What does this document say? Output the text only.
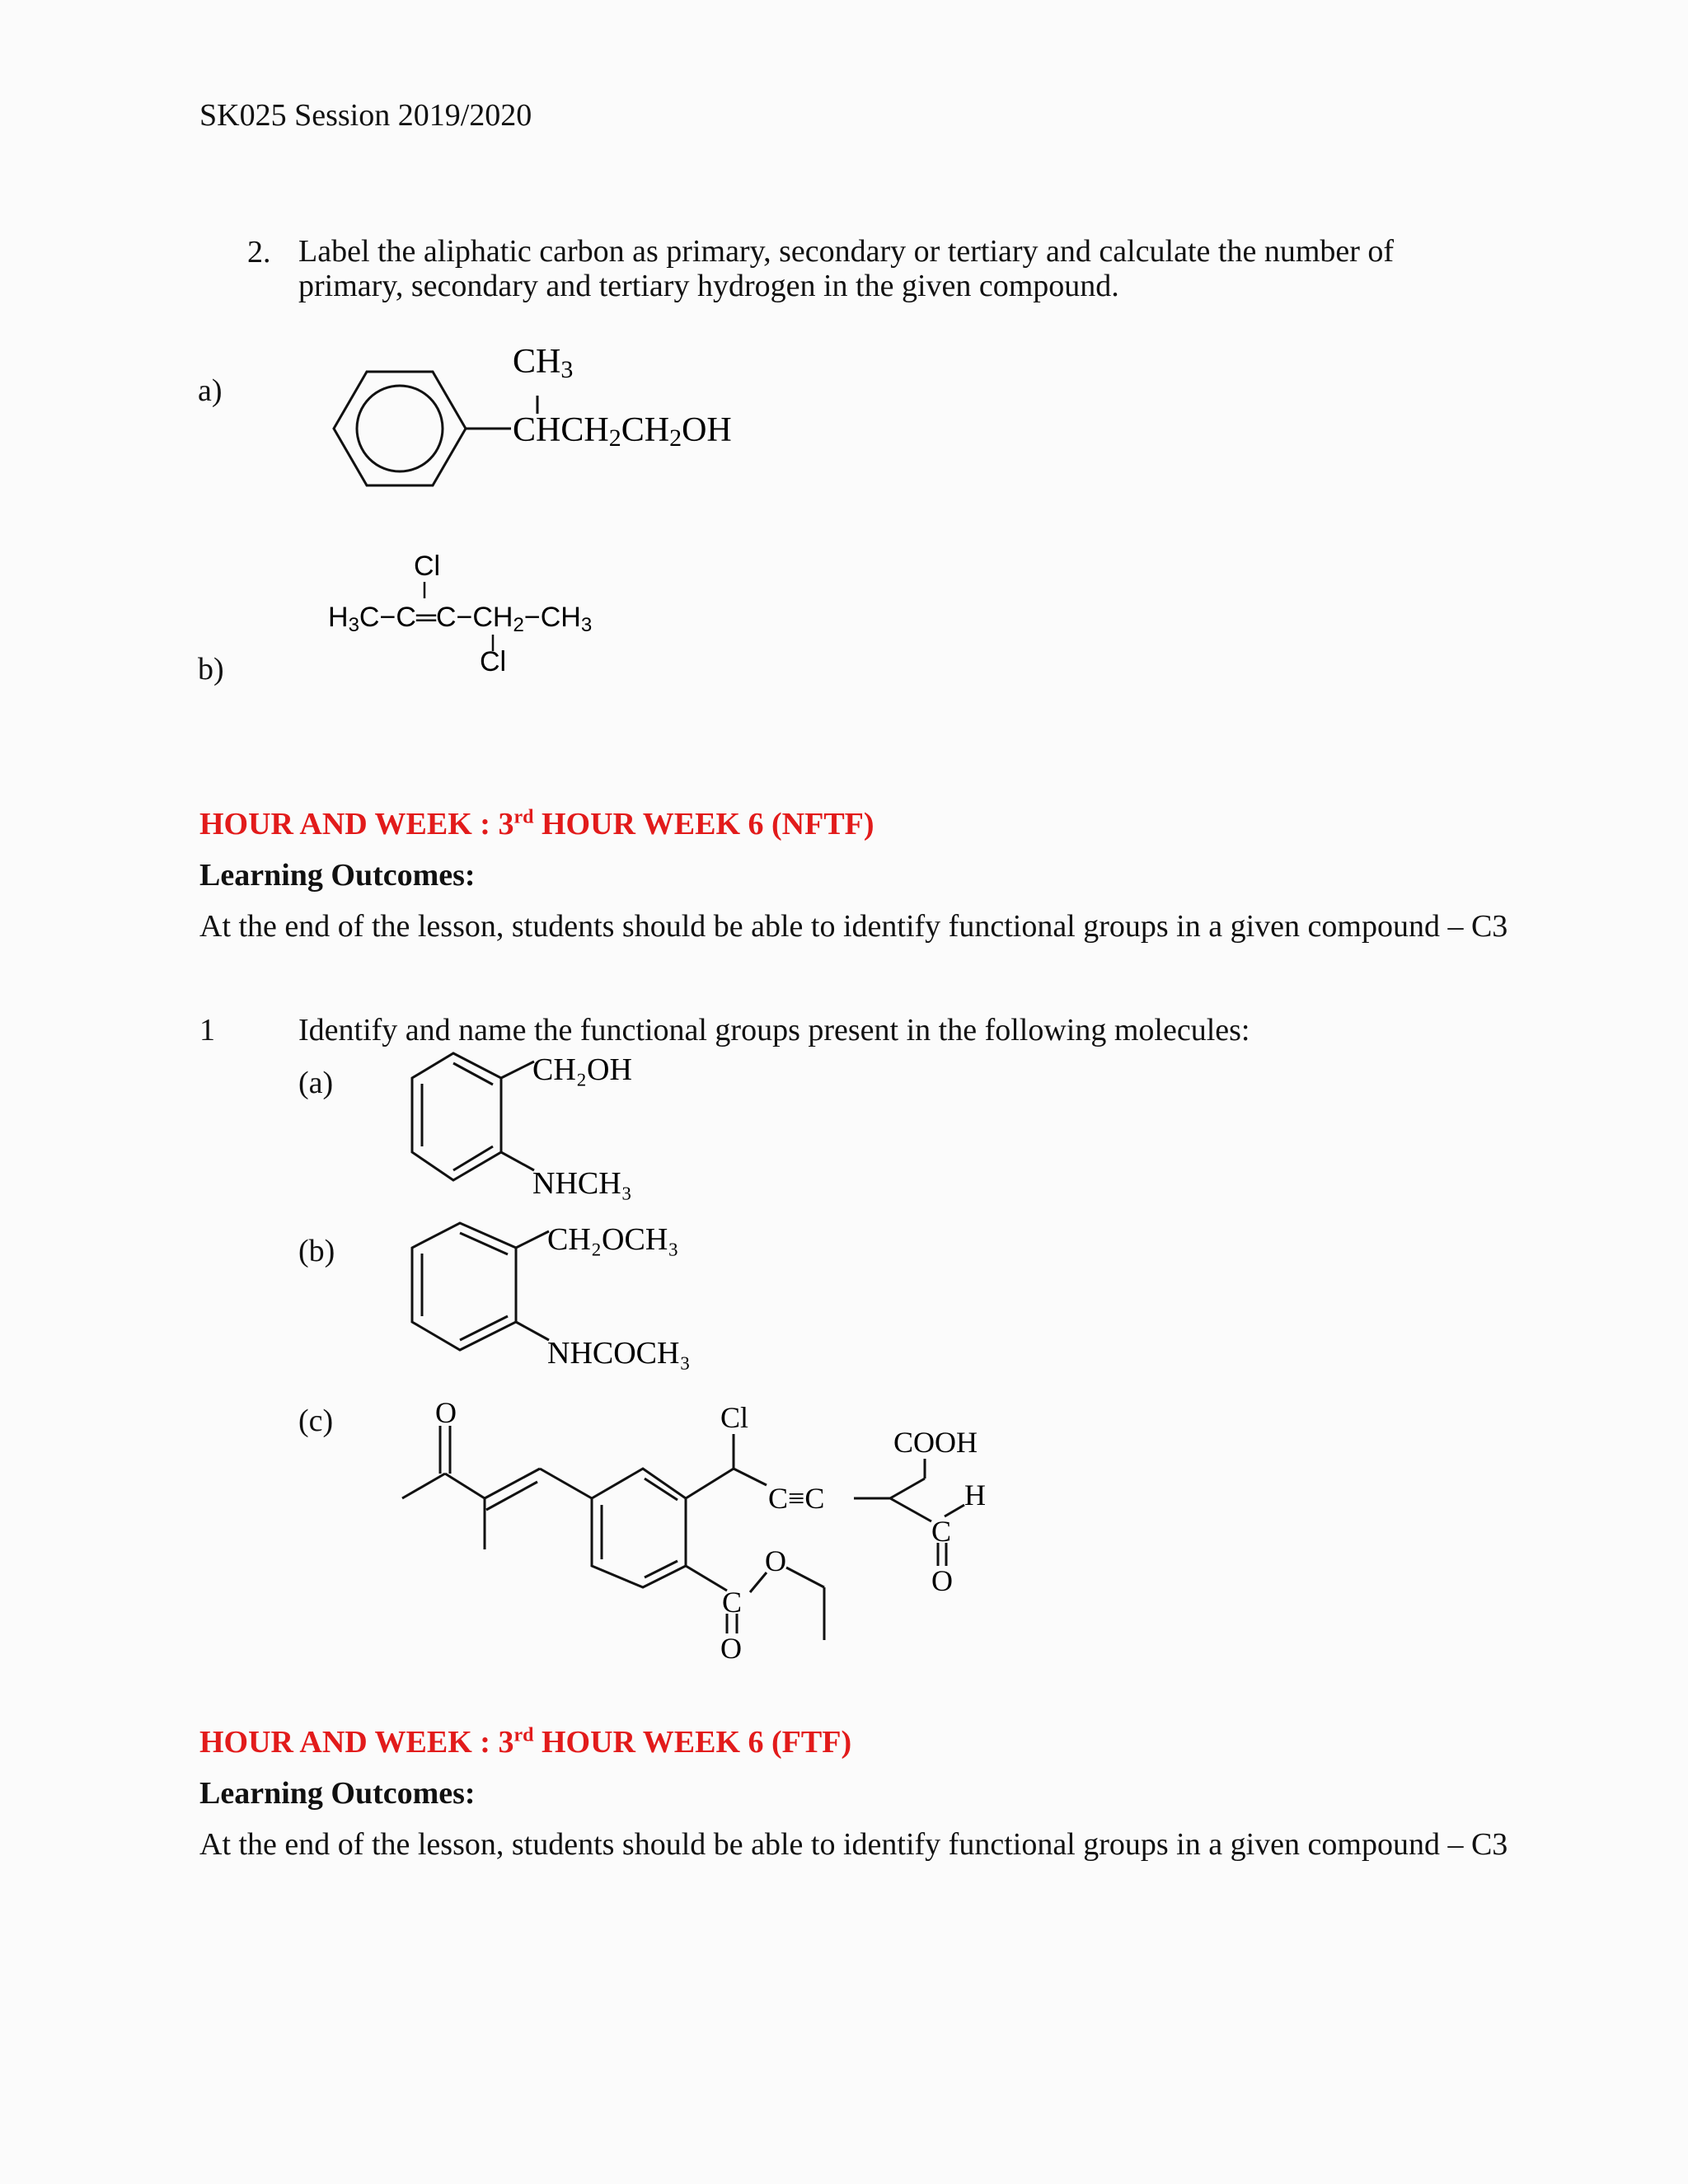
SK025 Session 2019/2020
2. Label the aliphatic carbon as primary, secondary or tertiary and calculate the number of primary, secondary and tertiary hydrogen in the given compound.
a)
b)
CH3
CHCH2CH2OH
Cl
H3C−C═C−CH2−CH3
Cl
HOUR AND WEEK : 3rd HOUR WEEK 6 (NFTF)
Learning Outcomes:
At the end of the lesson, students should be able to identify functional groups in a given compound – C3
1	Identify and name the functional groups present in the following molecules:
(a)
(b)
(c)
CH₂OH
NHCH₃
CH₂OCH₃
NHCOCH₃
O	Cl
C≡C
COOH
H
C
O
C
O
O
HOUR AND WEEK : 3rd HOUR WEEK 6 (FTF)
Learning Outcomes:
At the end of the lesson, students should be able to identify functional groups in a given compound – C3
